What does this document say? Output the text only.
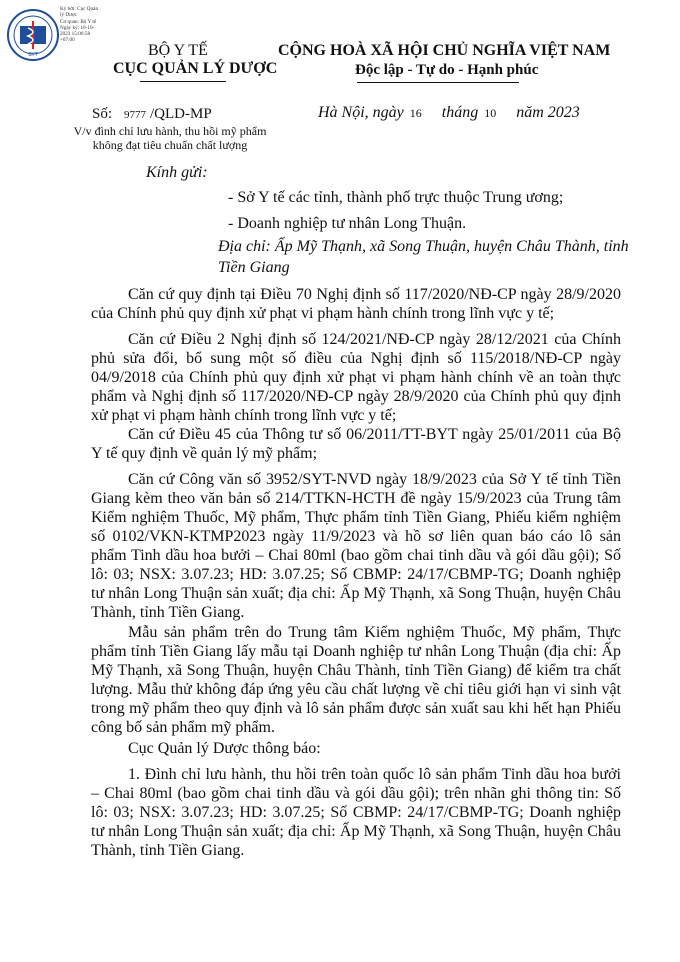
BYT
Ký bởi: Cục Quản
lý Dược
Cơ quan: Bộ Y tế
Ngày ký: 16-10-
2023 15:06:58
+07:00
BỘ Y TẾ
CỤC QUẢN LÝ DƯỢC
CỘNG HOÀ XÃ HỘI CHỦ NGHĨA VIỆT NAM
Độc lập - Tự do - Hạnh phúc
Số: 9777 /QLD-MP
V/v đình chỉ lưu hành, thu hồi mỹ phẩm không đạt tiêu chuẩn chất lượng
Hà Nội, ngày 16 tháng 10 năm 2023
Kính gửi:
- Sở Y tế các tỉnh, thành phố trực thuộc Trung ương;
- Doanh nghiệp tư nhân Long Thuận.
Địa chỉ: Ấp Mỹ Thạnh, xã Song Thuận, huyện Châu Thành, tỉnh Tiền Giang

Căn cứ quy định tại Điều 70 Nghị định số 117/2020/NĐ-CP ngày 28/9/2020 của Chính phủ quy định xử phạt vi phạm hành chính trong lĩnh vực y tế;

Căn cứ Điều 2 Nghị định số 124/2021/NĐ-CP ngày 28/12/2021 của Chính phủ sửa đổi, bổ sung một số điều của Nghị định số 115/2018/NĐ-CP ngày 04/9/2018 của Chính phủ quy định xử phạt vi phạm hành chính về an toàn thực phẩm và Nghị định số 117/2020/NĐ-CP ngày 28/9/2020 của Chính phủ quy định xử phạt vi phạm hành chính trong lĩnh vực y tế;

Căn cứ Điều 45 của Thông tư số 06/2011/TT-BYT ngày 25/01/2011 của Bộ Y tế quy định về quản lý mỹ phẩm;

Căn cứ Công văn số 3952/SYT-NVD ngày 18/9/2023 của Sở Y tế tỉnh Tiền Giang kèm theo văn bản số 214/TTKN-HCTH đề ngày 15/9/2023 của Trung tâm Kiểm nghiệm Thuốc, Mỹ phẩm, Thực phẩm tỉnh Tiền Giang, Phiếu kiểm nghiệm số 0102/VKN-KTMP2023 ngày 11/9/2023 và hồ sơ liên quan báo cáo lô sản phẩm Tinh dầu hoa bưởi – Chai 80ml (bao gồm chai tinh dầu và gói dầu gội); Số lô: 03; NSX: 3.07.23; HD: 3.07.25; Số CBMP: 24/17/CBMP-TG; Doanh nghiệp tư nhân Long Thuận sản xuất; địa chỉ: Ấp Mỹ Thạnh, xã Song Thuận, huyện Châu Thành, tỉnh Tiền Giang.

Mẫu sản phẩm trên do Trung tâm Kiểm nghiệm Thuốc, Mỹ phẩm, Thực phẩm tỉnh Tiền Giang lấy mẫu tại Doanh nghiệp tư nhân Long Thuận (địa chỉ: Ấp Mỹ Thạnh, xã Song Thuận, huyện Châu Thành, tỉnh Tiền Giang) để kiểm tra chất lượng. Mẫu thử không đáp ứng yêu cầu chất lượng về chỉ tiêu giới hạn vi sinh vật trong mỹ phẩm theo quy định và lô sản phẩm được sản xuất sau khi hết hạn Phiếu công bố sản phẩm mỹ phẩm.

Cục Quản lý Dược thông báo:

1. Đình chỉ lưu hành, thu hồi trên toàn quốc lô sản phẩm Tinh dầu hoa bưởi – Chai 80ml (bao gồm chai tinh dầu và gói dầu gội); trên nhãn ghi thông tin: Số lô: 03; NSX: 3.07.23; HD: 3.07.25; Số CBMP: 24/17/CBMP-TG; Doanh nghiệp tư nhân Long Thuận sản xuất; địa chỉ: Ấp Mỹ Thạnh, xã Song Thuận, huyện Châu Thành, tỉnh Tiền Giang.
